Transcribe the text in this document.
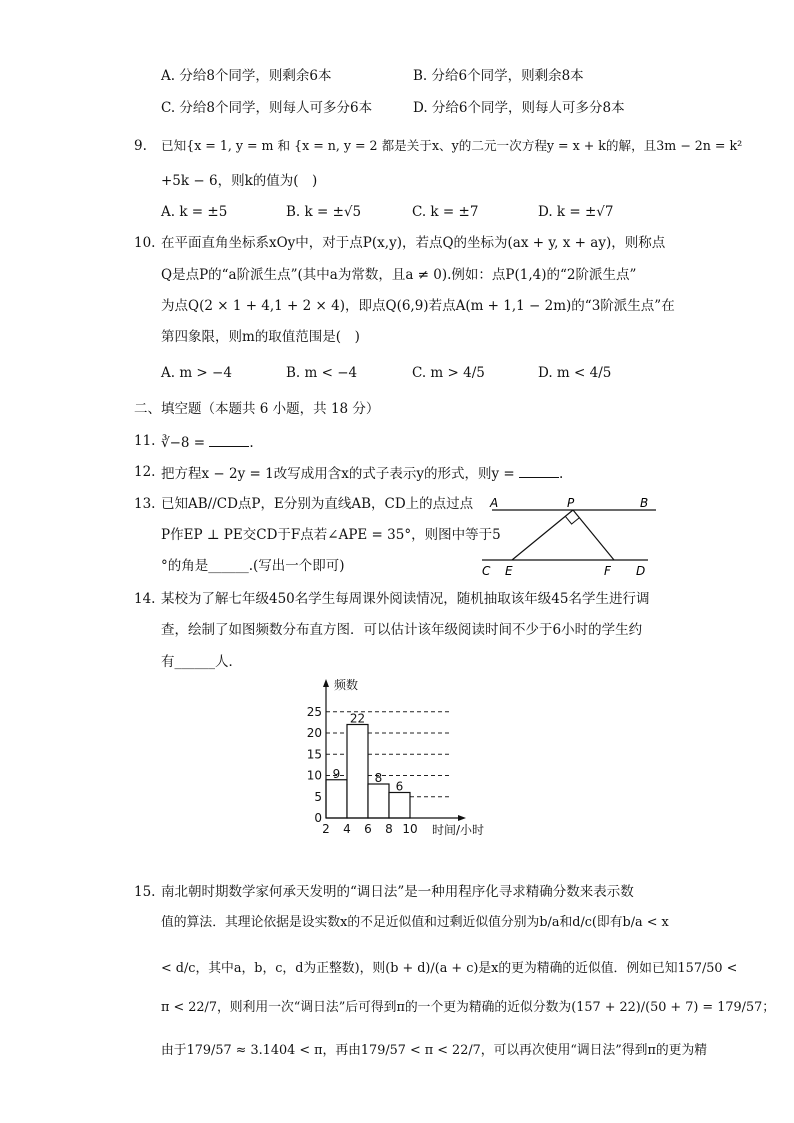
A. 分给8个同学，则剩余6本	B. 分给6个同学，则剩余8本
C. 分给8个同学，则每人可多分6本	D. 分给6个同学，则每人可多分8本
9. 已知{x = 1, y = m 和 {x = n, y = 2 都是关于x、y的二元一次方程y = x + k的解，且3m − 2n = k²
+5k − 6，则k的值为(　)
A. k = ±5	B. k = ±√5	C. k = ±7	D. k = ±√7
10. 在平面直角坐标系xOy中，对于点P(x,y)，若点Q的坐标为(ax + y, x + ay)，则称点
Q是点P的“a阶派生点”(其中a为常数，且a ≠ 0).例如：点P(1,4)的“2阶派生点”
为点Q(2 × 1 + 4,1 + 2 × 4)，即点Q(6,9)若点A(m + 1,1 − 2m)的“3阶派生点”在
第四象限，则m的取值范围是(　)
A. m > −4	B. m < −4	C. m > 4/5	D. m < 4/5
二、填空题（本题共 6 小题，共 18 分）
11. ∛−8 =	.
12. 把方程x − 2y = 1改写成用含x的式子表示y的形式，则y =	.
13. 已知AB//CD点P，E分别为直线AB，CD上的点过点
P作EP ⊥ PE交CD于F点若∠APE = 35°，则图中等于5
°的角是______.(写出一个即可)
A	P	B
C E	F D
14. 某校为了解七年级450名学生每周课外阅读情况，随机抽取该年级45名学生进行调
查，绘制了如图频数分布直方图．可以估计该年级阅读时间不少于6小时的学生约
有______人．
9
22
8
6
0
5
10
15
20
25
2 4 6 8 10
频数
时间/小时
15. 南北朝时期数学家何承天发明的“调日法”是一种用程序化寻求精确分数来表示数
值的算法．其理论依据是设实数x的不足近似值和过剩近似值分别为b/a和d/c(即有b/a < x
< d/c，其中a，b，c，d为正整数)，则(b + d)/(a + c)是x的更为精确的近似值．例如已知157/50 <
π < 22/7，则利用一次“调日法”后可得到π的一个更为精确的近似分数为(157 + 22)/(50 + 7) = 179/57；
由于179/57 ≈ 3.1404 < π，再由179/57 < π < 22/7，可以再次使用“调日法”得到π的更为精
